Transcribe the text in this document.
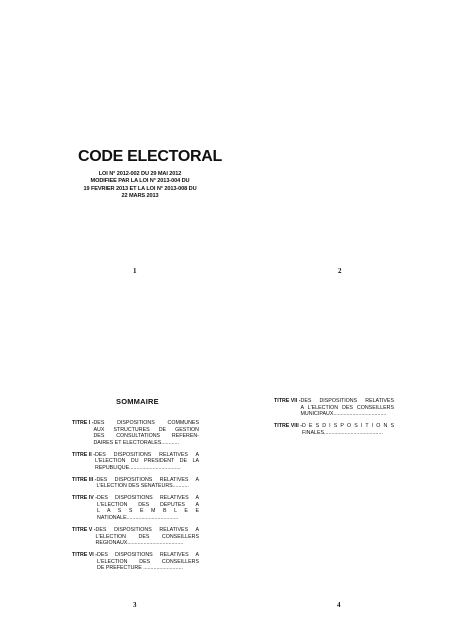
CODE ELECTORAL
LOI N° 2012-002 DU 29 MAI 2012
MODIFIEE PAR LA LOI N° 2013-004 DU
19 FEVRIER 2013 ET LA LOI N° 2013-008 DU
22 MARS 2013
1	2
SOMMAIRE
TITRE I - DES DISPOSITIONS COMMUNES
AUX STRUCTURES DE GESTION
DES CONSULTATIONS REFEREN-
DAIRES ET ELECTORALES............
TITRE II - DES DISPOSITIONS RELATIVES A
L'ELECTION DU PRESIDENT DE LA
REPUBLIQUE...................................
TITRE III - DES DISPOSITIONS RELATIVES A
L'ELECTION DES SENATEURS...........
TITRE IV - DES DISPOSITIONS RELATIVES A
L'ELECTION DES DEPUTES A
L A S S E M B L E E
NATIONALE...................................
TITRE V - DES DISPOSITIONS RELATIVES A
L'ELECTION DES CONSEILLERS
REGIONAUX......................................
TITRE VI - DES DISPOSITIONS RELATIVES A
L'ELECTION DES CONSEILLERS
DE PREFECTURE ...........................
TITRE VII - DES DISPOSITIONS RELATIVES
A L'ELECTION DES CONSEILLERS
MUNICIPAUX....................................
TITRE VIII - D E S D I S P O S I T I O N S
FINALES........................................
3	4
